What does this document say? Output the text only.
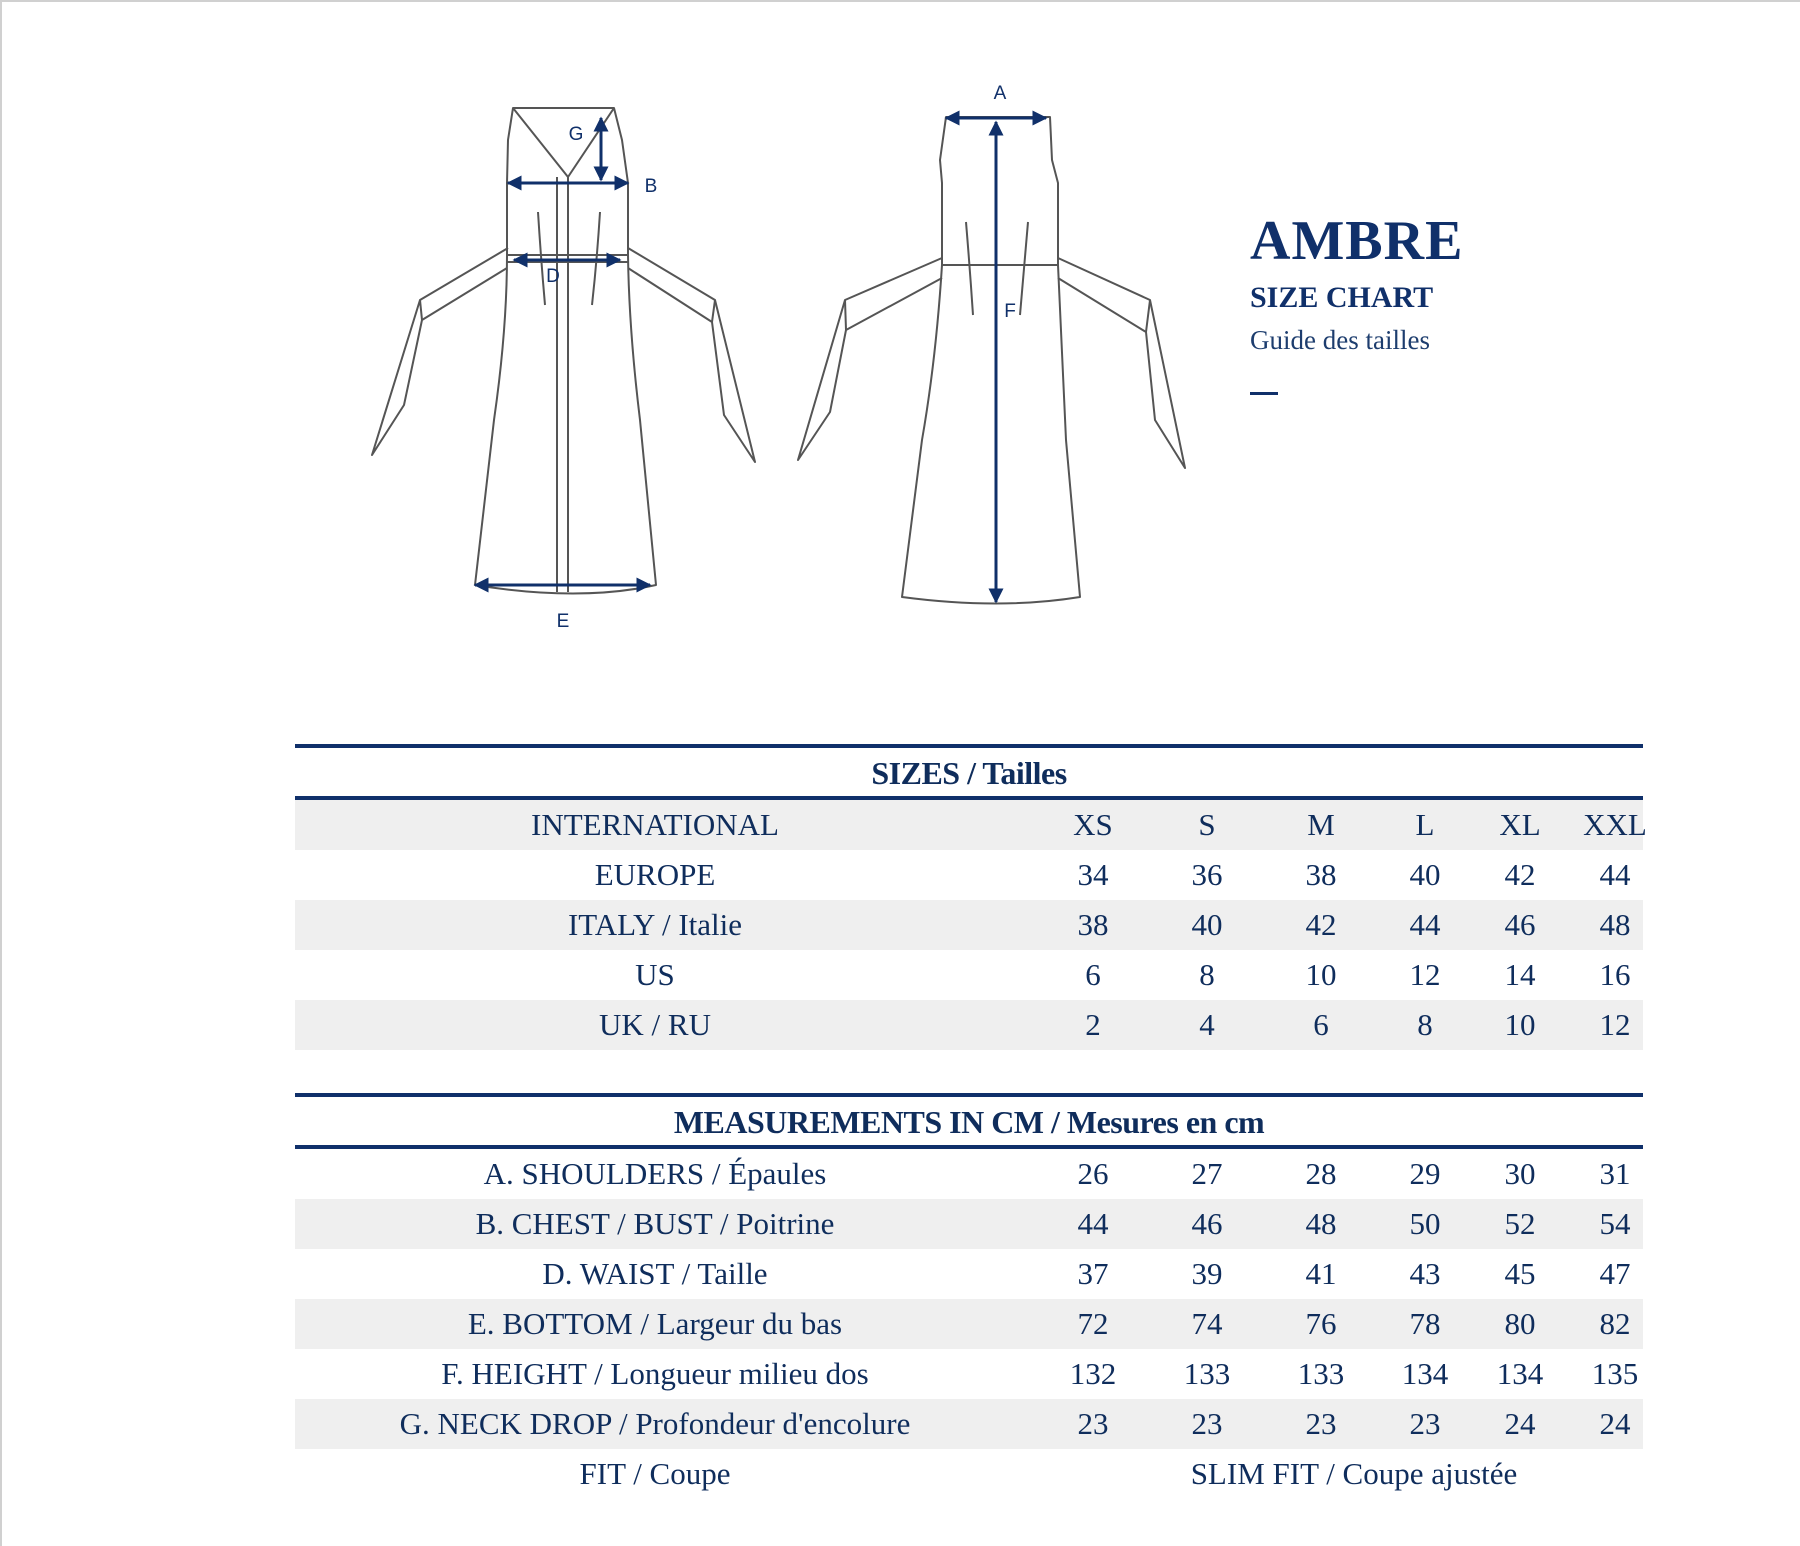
G
B
D
E
A
F
AMBRE
SIZE CHART
Guide des tailles
SIZES / Tailles
INTERNATIONAL	XS	S	M	L	XL	XXL
EUROPE	34	36	38	40	42	44
ITALY / Italie	38	40	42	44	46	48
US	6	8	10	12	14	16
UK / RU	2	4	6	8	10	12
MEASUREMENTS IN CM / Mesures en cm
A. SHOULDERS / Épaules	26	27	28	29	30	31
B. CHEST / BUST / Poitrine	44	46	48	50	52	54
D. WAIST / Taille	37	39	41	43	45	47
E. BOTTOM / Largeur du bas	72	74	76	78	80	82
F. HEIGHT / Longueur milieu dos	132	133	133	134	134	135
G. NECK DROP / Profondeur d'encolure	23	23	23	23	24	24
FIT / Coupe	SLIM FIT / Coupe ajustée
